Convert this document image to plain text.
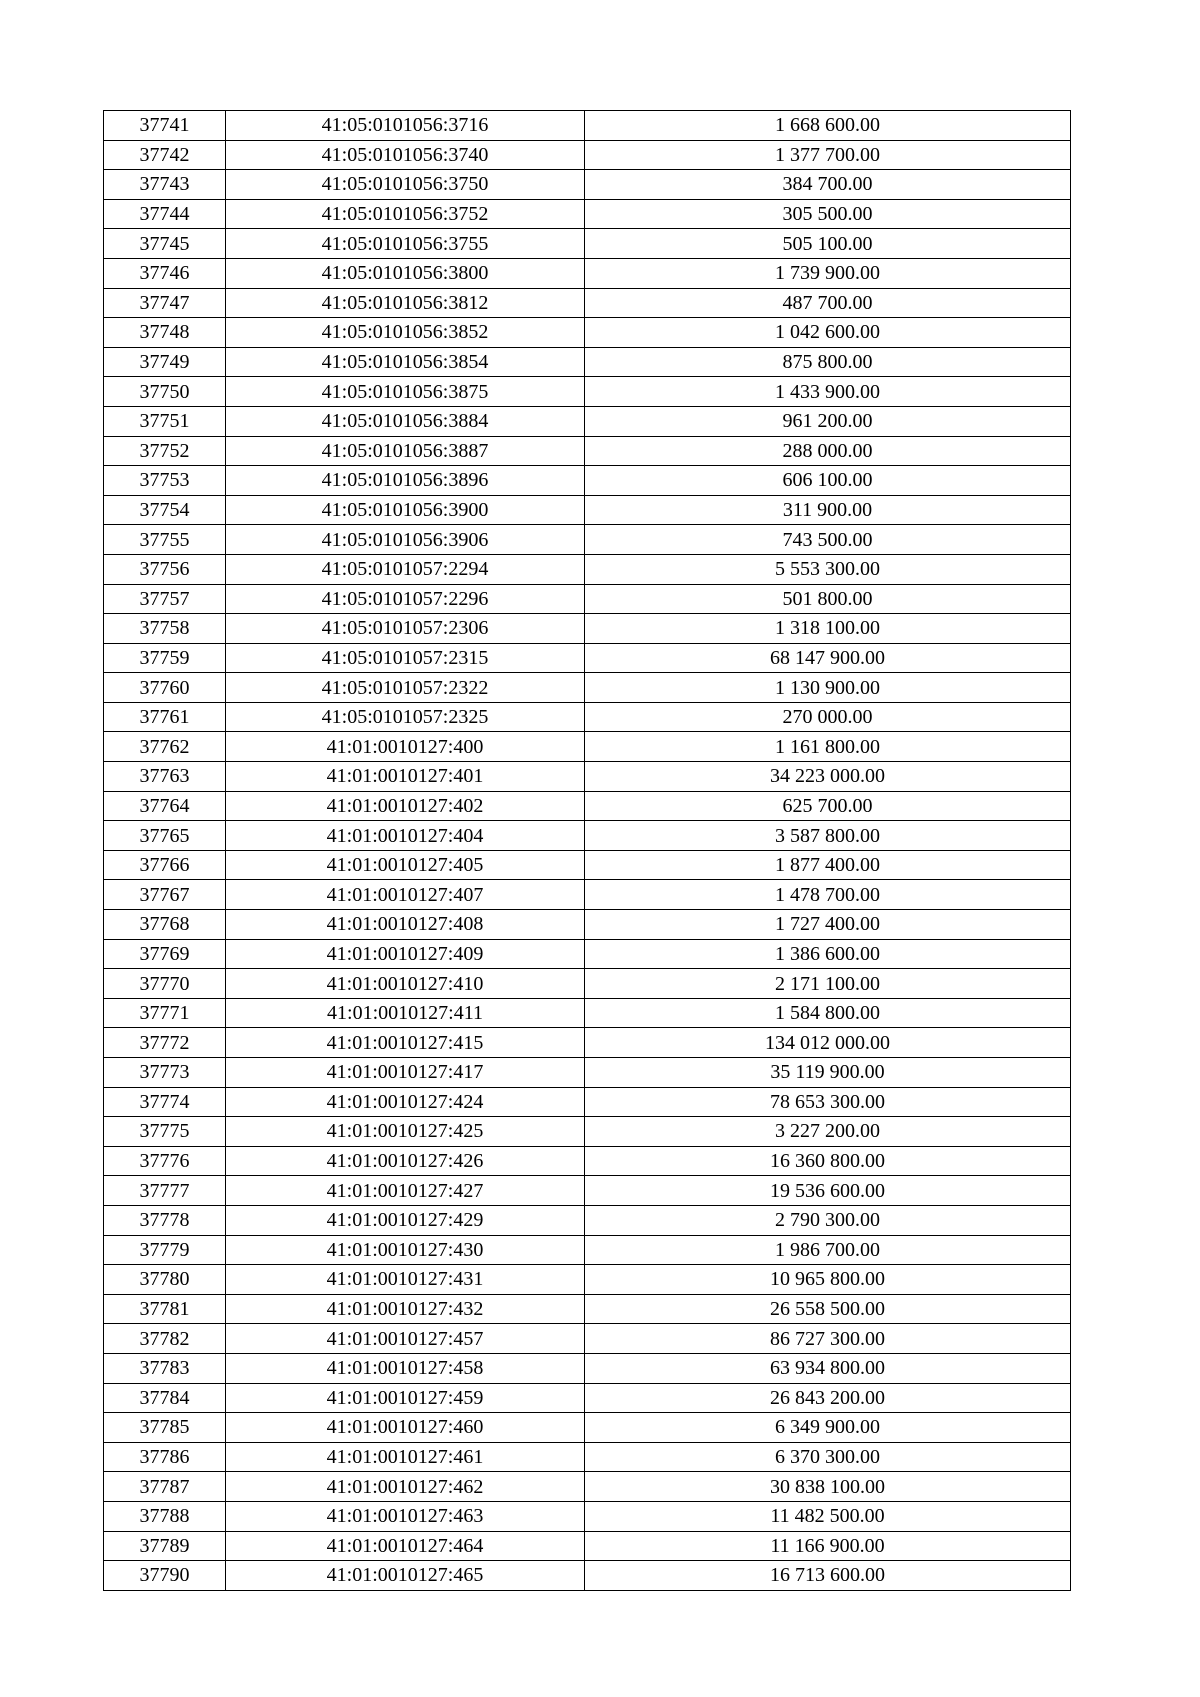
37741	41:05:0101056:3716	1 668 600.00
37742	41:05:0101056:3740	1 377 700.00
37743	41:05:0101056:3750	384 700.00
37744	41:05:0101056:3752	305 500.00
37745	41:05:0101056:3755	505 100.00
37746	41:05:0101056:3800	1 739 900.00
37747	41:05:0101056:3812	487 700.00
37748	41:05:0101056:3852	1 042 600.00
37749	41:05:0101056:3854	875 800.00
37750	41:05:0101056:3875	1 433 900.00
37751	41:05:0101056:3884	961 200.00
37752	41:05:0101056:3887	288 000.00
37753	41:05:0101056:3896	606 100.00
37754	41:05:0101056:3900	311 900.00
37755	41:05:0101056:3906	743 500.00
37756	41:05:0101057:2294	5 553 300.00
37757	41:05:0101057:2296	501 800.00
37758	41:05:0101057:2306	1 318 100.00
37759	41:05:0101057:2315	68 147 900.00
37760	41:05:0101057:2322	1 130 900.00
37761	41:05:0101057:2325	270 000.00
37762	41:01:0010127:400	1 161 800.00
37763	41:01:0010127:401	34 223 000.00
37764	41:01:0010127:402	625 700.00
37765	41:01:0010127:404	3 587 800.00
37766	41:01:0010127:405	1 877 400.00
37767	41:01:0010127:407	1 478 700.00
37768	41:01:0010127:408	1 727 400.00
37769	41:01:0010127:409	1 386 600.00
37770	41:01:0010127:410	2 171 100.00
37771	41:01:0010127:411	1 584 800.00
37772	41:01:0010127:415	134 012 000.00
37773	41:01:0010127:417	35 119 900.00
37774	41:01:0010127:424	78 653 300.00
37775	41:01:0010127:425	3 227 200.00
37776	41:01:0010127:426	16 360 800.00
37777	41:01:0010127:427	19 536 600.00
37778	41:01:0010127:429	2 790 300.00
37779	41:01:0010127:430	1 986 700.00
37780	41:01:0010127:431	10 965 800.00
37781	41:01:0010127:432	26 558 500.00
37782	41:01:0010127:457	86 727 300.00
37783	41:01:0010127:458	63 934 800.00
37784	41:01:0010127:459	26 843 200.00
37785	41:01:0010127:460	6 349 900.00
37786	41:01:0010127:461	6 370 300.00
37787	41:01:0010127:462	30 838 100.00
37788	41:01:0010127:463	11 482 500.00
37789	41:01:0010127:464	11 166 900.00
37790	41:01:0010127:465	16 713 600.00
